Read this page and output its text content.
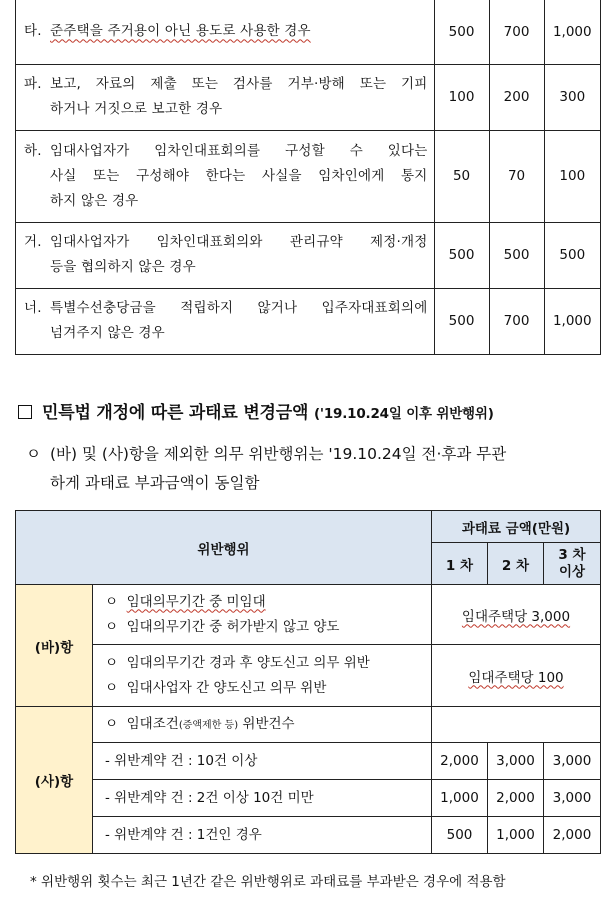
타. 준주택을 주거용이 아닌 용도로 사용한 경우	500	700	1,000

파. 보고, 자료의 제출 또는 검사를 거부‧방해 또는 기피
하거나 거짓으로 보고한 경우	100	200	300

하. 임대사업자가 임차인대표회의를 구성할 수 있다는
사실 또는 구성해야 한다는 사실을 임차인에게 통지
하지 않은 경우	50	70	100

거. 임대사업자가 임차인대표회의와 관리규약 제정‧개정
등을 협의하지 않은 경우	500	500	500

너. 특별수선충당금을 적립하지 않거나 입주자대표회의에
넘겨주지 않은 경우	500	700	1,000
민특법 개정에 따른 과태료 변경금액 ('19.10.24일 이후 위반행위)
ㅇ (바) 및 (사)항을 제외한 의무 위반행위는 '19.10.24일 전‧후과 무관
하게 과태료 부과금액이 동일함
위반행위		과태료 금액(만원)		
		1 차	2 차	3 차
이상
(바)항	ㅇ 임대의무기간 중 미임대
ㅇ 임대의무기간 중 허가받지 않고 양도	임대주택당 3,000		

	ㅇ 임대의무기간 경과 후 양도신고 의무 위반
ㅇ 임대사업자 간 양도신고 의무 위반	임대주택당 100		
(사)항	ㅇ 임대조건(증액제한 등) 위반건수			
	- 위반계약 건 : 10건 이상	2,000	3,000	3,000
	- 위반계약 건 : 2건 이상 10건 미만	1,000	2,000	3,000
	- 위반계약 건 : 1건인 경우	500	1,000	2,000
* 위반행위 횟수는 최근 1년간 같은 위반행위로 과태료를 부과받은 경우에 적용함
